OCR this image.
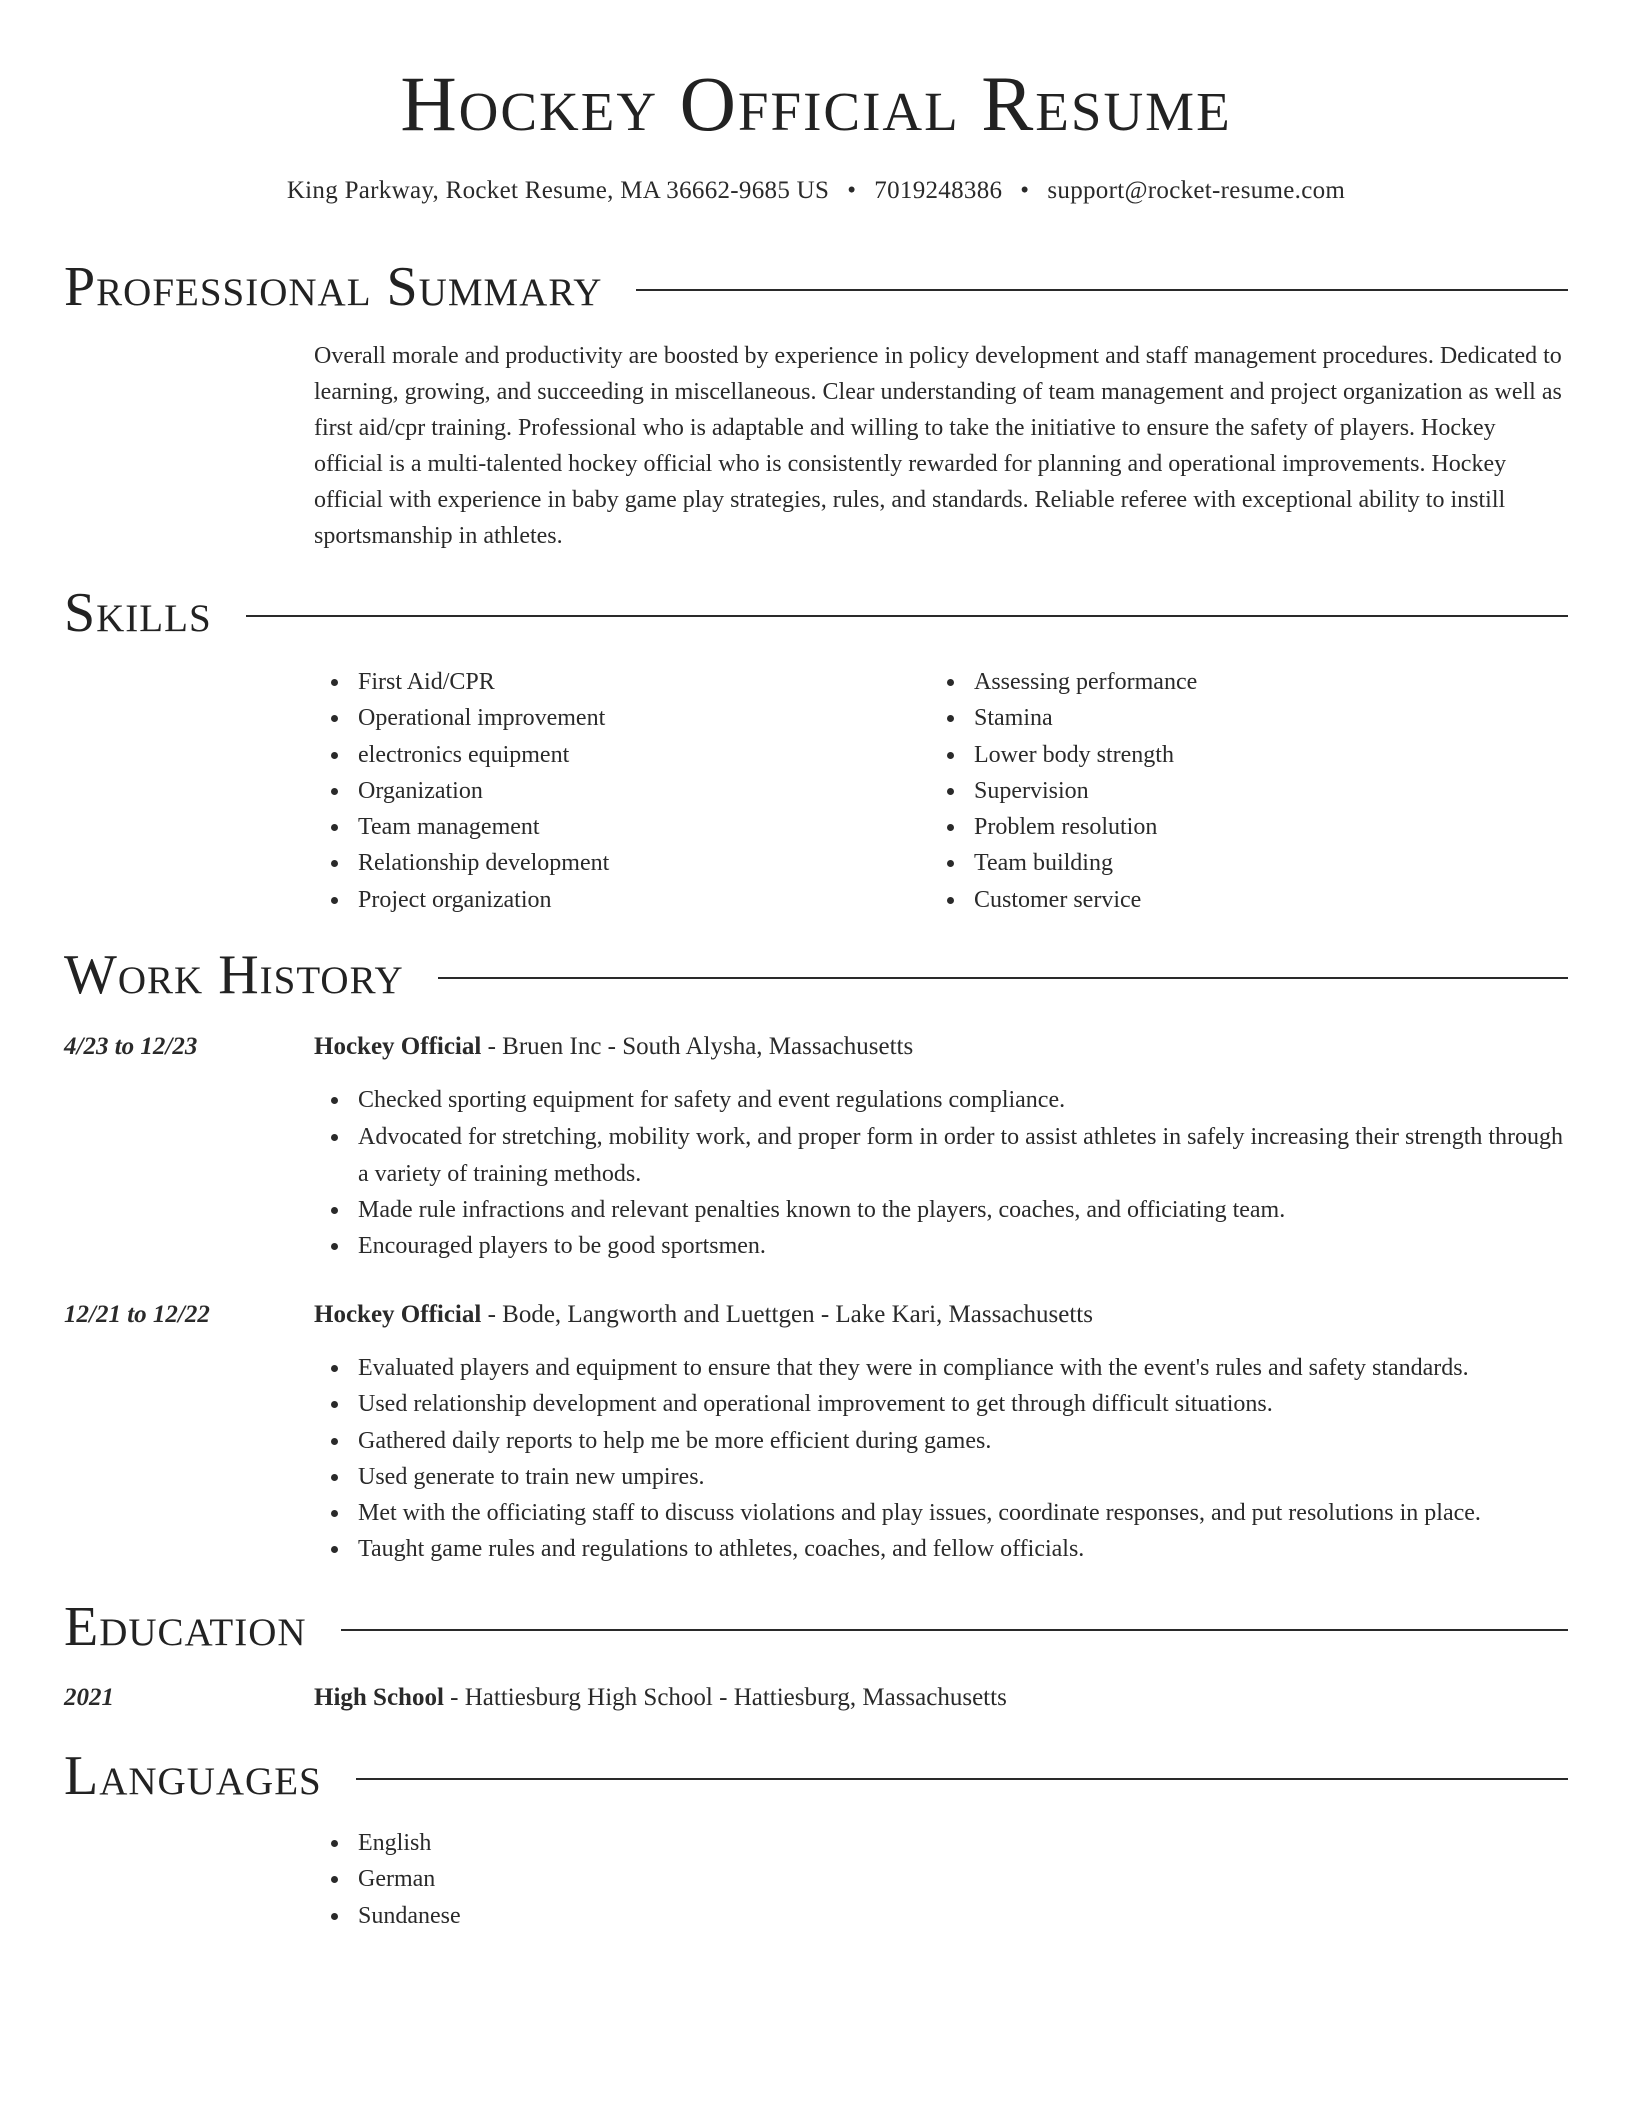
Hockey Official Resume
King Parkway, Rocket Resume, MA 36662-9685 US • 7019248386 • support@rocket-resume.com
Professional Summary

Overall morale and productivity are boosted by experience in policy development and staff management procedures. Dedicated to learning, growing, and succeeding in miscellaneous. Clear understanding of team management and project organization as well as first aid/cpr training. Professional who is adaptable and willing to take the initiative to ensure the safety of players. Hockey official is a multi-talented hockey official who is consistently rewarded for planning and operational improvements. Hockey official with experience in baby game play strategies, rules, and standards. Reliable referee with exceptional ability to instill sportsmanship in athletes.

Skills
First Aid/CPR
Operational improvement
electronics equipment
Organization
Team management
Relationship development
Project organization
Assessing performance
Stamina
Lower body strength
Supervision
Problem resolution
Team building
Customer service
Work History
4/23 to 12/23	Hockey Official - Bruen Inc - South Alysha, Massachusetts
Checked sporting equipment for safety and event regulations compliance.
Advocated for stretching, mobility work, and proper form in order to assist athletes in safely increasing their strength through a variety of training methods.
Made rule infractions and relevant penalties known to the players, coaches, and officiating team.
Encouraged players to be good sportsmen.
12/21 to 12/22	Hockey Official - Bode, Langworth and Luettgen - Lake Kari, Massachusetts
Evaluated players and equipment to ensure that they were in compliance with the event's rules and safety standards.
Used relationship development and operational improvement to get through difficult situations.
Gathered daily reports to help me be more efficient during games.
Used generate to train new umpires.
Met with the officiating staff to discuss violations and play issues, coordinate responses, and put resolutions in place.
Taught game rules and regulations to athletes, coaches, and fellow officials.
Education
2021	High School - Hattiesburg High School - Hattiesburg, Massachusetts
Languages
English
German
Sundanese
